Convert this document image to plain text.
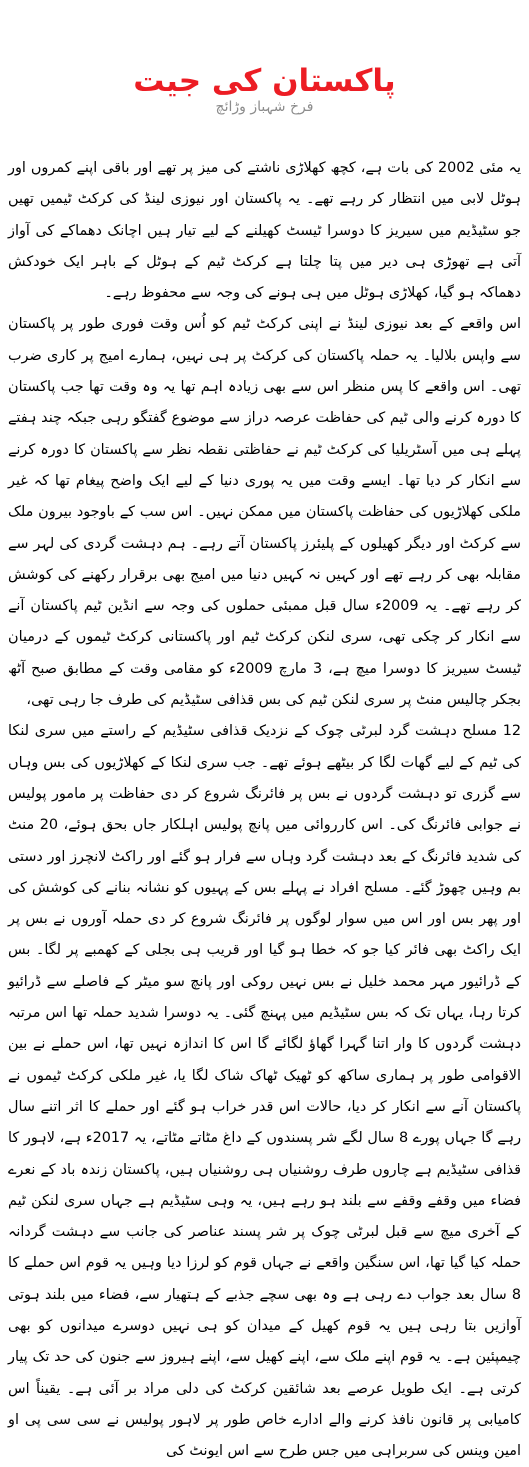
پاکستان کی جیت
فرخ شہباز وڑائچ

یہ مئی 2002 کی بات ہے، کچھ کھلاڑی ناشتے کی میز پر تھے اور باقی اپنے کمروں اور ہوٹل لابی میں انتظار کر رہے تھے۔ یہ پاکستان اور نیوزی لینڈ کی کرکٹ ٹیمیں تھیں جو سٹیڈیم میں سیریز کا دوسرا ٹیسٹ کھیلنے کے لیے تیار ہیں اچانک دھماکے کی آواز آتی ہے تھوڑی ہی دیر میں پتا چلتا ہے کرکٹ ٹیم کے ہوٹل کے باہر ایک خودکش دھماکہ ہو گیا، کھلاڑی ہوٹل میں ہی ہونے کی وجہ سے محفوظ رہے۔

اس واقعے کے بعد نیوزی لینڈ نے اپنی کرکٹ ٹیم کو اُس وقت فوری طور پر پاکستان سے واپس بلالیا۔ یہ حملہ پاکستان کی کرکٹ پر ہی نہیں، ہمارے امیج پر کاری ضرب تھی۔ اس واقعے کا پس منظر اس سے بھی زیادہ اہم تھا یہ وہ وقت تھا جب پاکستان کا دورہ کرنے والی ٹیم کی حفاظت عرصہ دراز سے موضوع گفتگو رہی جبکہ چند ہفتے پہلے ہی میں آسٹریلیا کی کرکٹ ٹیم نے حفاظتی نقطہ نظر سے پاکستان کا دورہ کرنے سے انکار کر دیا تھا۔ ایسے وقت میں یہ پوری دنیا کے لیے ایک واضح پیغام تھا کہ غیر ملکی کھلاڑیوں کی حفاظت پاکستان میں ممکن نہیں۔ اس سب کے باوجود بیرون ملک سے کرکٹ اور دیگر کھیلوں کے پلیئرز پاکستان آتے رہے۔ ہم دہشت گردی کی لہر سے مقابلہ بھی کر رہے تھے اور کہیں نہ کہیں دنیا میں امیج بھی برقرار رکھنے کی کوشش کر رہے تھے۔ یہ 2009ء سال قبل ممبئی حملوں کی وجہ سے انڈین ٹیم پاکستان آنے سے انکار کر چکی تھی، سری لنکن کرکٹ ٹیم اور پاکستانی کرکٹ ٹیموں کے درمیان ٹیسٹ سیریز کا دوسرا میچ ہے، 3 مارچ 2009ء کو مقامی وقت کے مطابق صبح آٹھ بجکر چالیس منٹ پر سری لنکن ٹیم کی بس قذافی سٹیڈیم کی طرف جا رہی تھی،

12 مسلح دہشت گرد لبرٹی چوک کے نزدیک قذافی سٹیڈیم کے راستے میں سری لنکا کی ٹیم کے لیے گھات لگا کر بیٹھے ہوئے تھے۔ جب سری لنکا کے کھلاڑیوں کی بس وہاں سے گزری تو دہشت گردوں نے بس پر فائرنگ شروع کر دی حفاظت پر مامور پولیس نے جوابی فائرنگ کی۔ اس کارروائی میں پانچ پولیس اہلکار جاں بحق ہوئے، 20 منٹ کی شدید فائرنگ کے بعد دہشت گرد وہاں سے فرار ہو گئے اور راکٹ لانچرز اور دستی بم وہیں چھوڑ گئے۔ مسلح افراد نے پہلے بس کے پہیوں کو نشانہ بنانے کی کوشش کی اور پھر بس اور اس میں سوار لوگوں پر فائرنگ شروع کر دی حملہ آوروں نے بس پر ایک راکٹ بھی فائر کیا جو کہ خطا ہو گیا اور قریب ہی بجلی کے کھمبے پر لگا۔ بس کے ڈرائیور مہر محمد خلیل نے بس نہیں روکی اور پانچ سو میٹر کے فاصلے سے ڈرائیو کرتا رہا، یہاں تک کہ بس سٹیڈیم میں پہنچ گئی۔ یہ دوسرا شدید حملہ تھا اس مرتبہ دہشت گردوں کا وار اتنا گہرا گھاؤ لگائے گا اس کا اندازہ نہیں تھا، اس حملے نے بین الاقوامی طور پر ہماری ساکھ کو ٹھیک ٹھاک شاک لگا یا، غیر ملکی کرکٹ ٹیموں نے پاکستان آنے سے انکار کر دیا، حالات اس قدر خراب ہو گئے اور حملے کا اثر اتنے سال رہے گا جہاں پورے 8 سال لگے شر پسندوں کے داغ مٹاتے مٹاتے، یہ 2017ء ہے، لاہور کا قذافی سٹیڈیم ہے چاروں طرف روشنیاں ہی روشنیاں ہیں، پاکستان زندہ باد کے نعرے فضاء میں وقفے وقفے سے بلند ہو رہے ہیں، یہ وہی سٹیڈیم ہے جہاں سری لنکن ٹیم کے آخری میچ سے قبل لبرٹی چوک پر شر پسند عناصر کی جانب سے دہشت گردانہ حملہ کیا گیا تھا، اس سنگین واقعے نے جہاں قوم کو لرزا دیا وہیں یہ قوم اس حملے کا 8 سال بعد جواب دے رہی ہے وہ بھی سچے جذبے کے ہتھیار سے، فضاء میں بلند ہوتی آوازیں بتا رہی ہیں یہ قوم کھیل کے میدان کو ہی نہیں دوسرے میدانوں کو بھی چیمپئین ہے۔ یہ قوم اپنے ملک سے، اپنے کھیل سے، اپنے ہیروز سے جنون کی حد تک پیار کرتی ہے۔ ایک طویل عرصے بعد شائقین کرکٹ کی دلی مراد بر آئی ہے۔ یقیناً اس کامیابی پر قانون نافذ کرنے والے ادارے خاص طور پر لاہور پولیس نے سی سی پی او امین وینس کی سربراہی میں جس طرح سے اس ایونٹ کی
